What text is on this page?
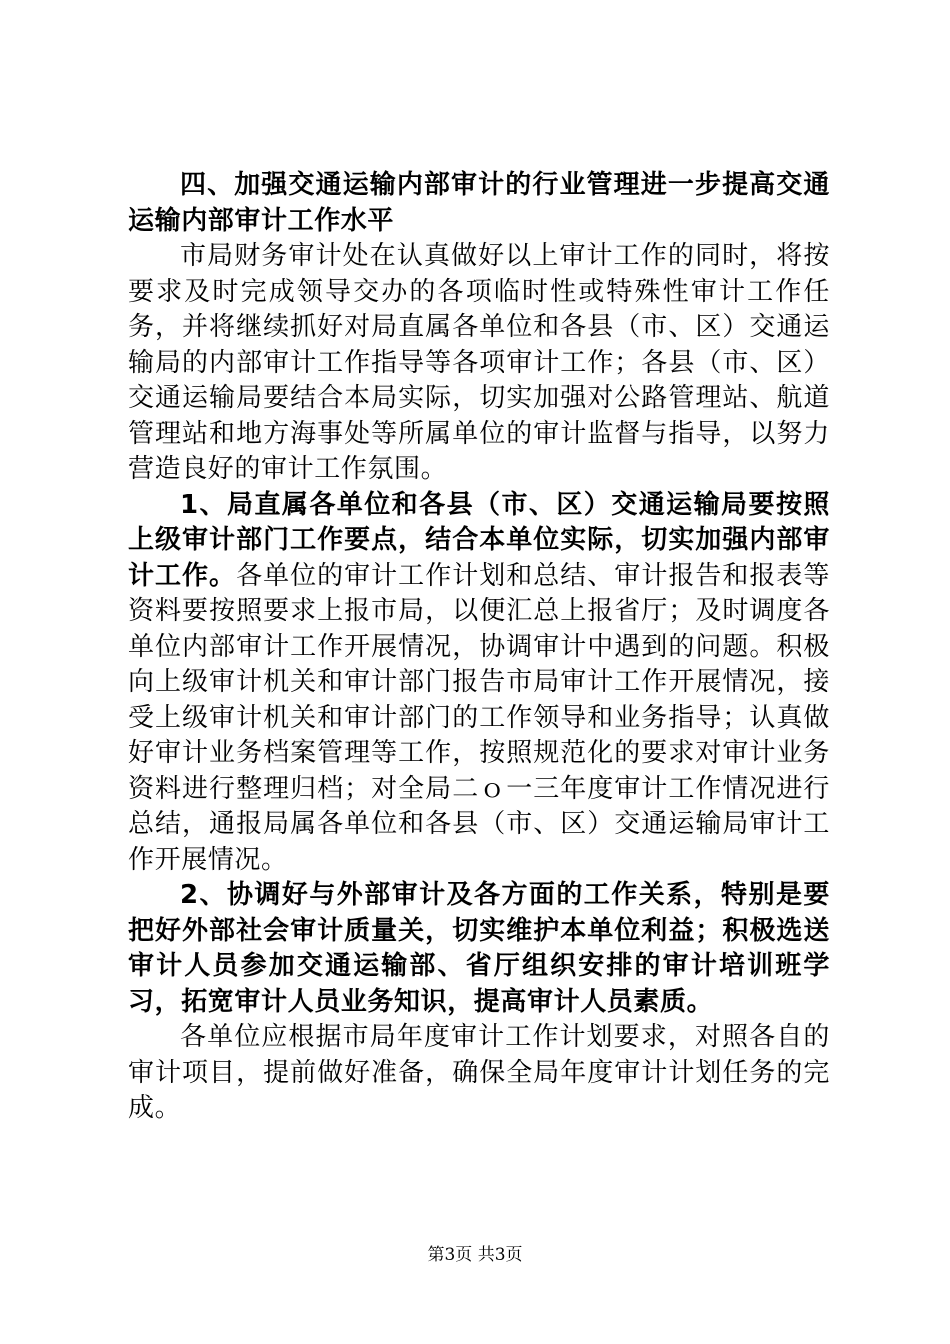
四、加强交通运输内部审计的行业管理进一步提高交通运输内部审计工作水平

市局财务审计处在认真做好以上审计工作的同时，将按要求及时完成领导交办的各项临时性或特殊性审计工作任务，并将继续抓好对局直属各单位和各县（市、区）交通运输局的内部审计工作指导等各项审计工作；各县（市、区）交通运输局要结合本局实际，切实加强对公路管理站、航道管理站和地方海事处等所属单位的审计监督与指导，以努力营造良好的审计工作氛围。

1、局直属各单位和各县（市、区）交通运输局要按照上级审计部门工作要点，结合本单位实际，切实加强内部审计工作。各单位的审计工作计划和总结、审计报告和报表等资料要按照要求上报市局，以便汇总上报省厅；及时调度各单位内部审计工作开展情况，协调审计中遇到的问题。积极向上级审计机关和审计部门报告市局审计工作开展情况，接受上级审计机关和审计部门的工作领导和业务指导；认真做好审计业务档案管理等工作，按照规范化的要求对审计业务资料进行整理归档；对全局二ｏ一三年度审计工作情况进行总结，通报局属各单位和各县（市、区）交通运输局审计工作开展情况。

2、协调好与外部审计及各方面的工作关系，特别是要把好外部社会审计质量关，切实维护本单位利益；积极选送审计人员参加交通运输部、省厅组织安排的审计培训班学习，拓宽审计人员业务知识，提高审计人员素质。

各单位应根据市局年度审计工作计划要求，对照各自的审计项目，提前做好准备，确保全局年度审计计划任务的完成。

第3页 共3页
